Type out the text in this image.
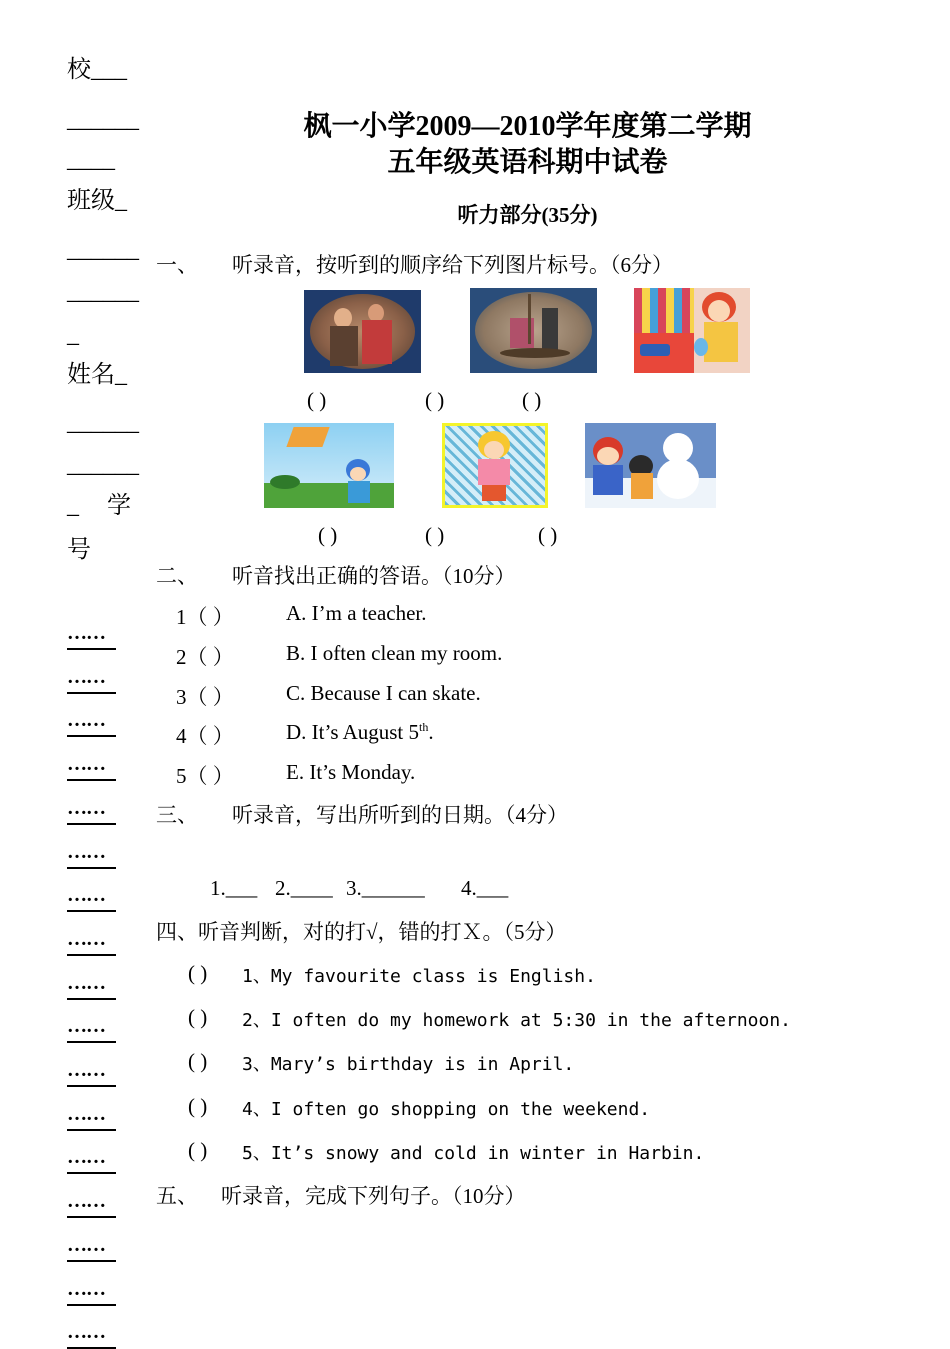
校___
______
____
班级_
______
______
_
姓名_
______
______
_ 学
号
……
……
……
……
……
……
……
……
……
……
……
……
……
……
……
……
……
枫一小学2009—2010学年度第二学期
五年级英语科期中试卷
听力部分(35分)
一、 听录音，按听到的顺序给下列图片标号。（6分）
( )	( )	( )
( )	( )	( )
二、 听音找出正确的答语。（10分）
1（ ） A. I’m a teacher.
2（ ） B. I often clean my room.
3（ ） C. Because I can skate.
4（ ） D. It’s August 5th.
5（ ） E. It’s Monday.
三、 听录音，写出所听到的日期。（4分）
1.___ 2.____ 3.______ 4.___
四、听音判断，对的打√，错的打Ｘ。（5分）
( ) 1、My favourite class is English.
( ) 2、I often do my homework at 5:30 in the afternoon.
( ) 3、Mary’s birthday is in April.
( ) 4、I often go shopping on the weekend.
( ) 5、It’s snowy and cold in winter in Harbin.
五、 听录音，完成下列句子。（10分）
